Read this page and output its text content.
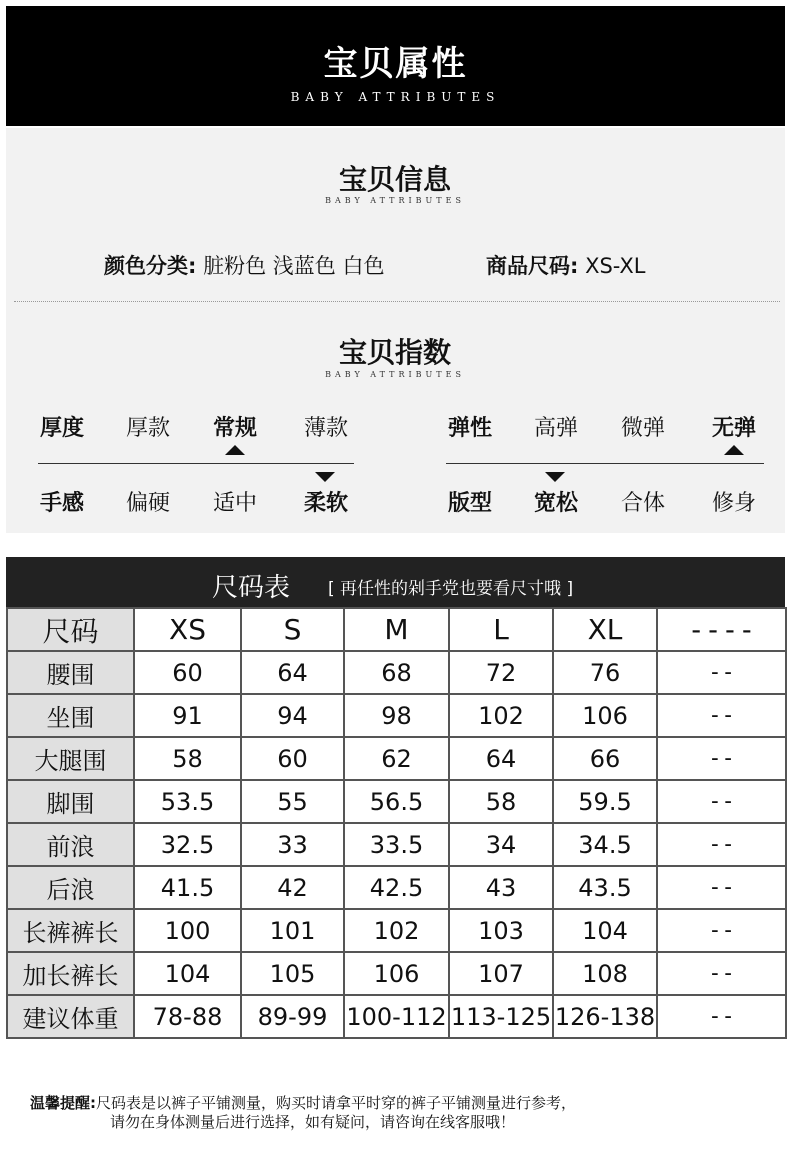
宝贝属性
BABY ATTRIBUTES
宝贝信息
BABY ATTRIBUTES
颜色分类: 脏粉色 浅蓝色 白色	商品尺码: XS-XL
宝贝指数
BABY ATTRIBUTES
厚度	厚款	常规	薄款	弹性	高弹	微弹	无弹
手感	偏硬	适中	柔软	版型	宽松	合体	修身
尺码表 [ 再任性的剁手党也要看尺寸哦 ]
尺码	XS	S	M	L	XL	----
腰围	60	64	68	72	76	--
坐围	91	94	98	102	106	--
大腿围	58	60	62	64	66	--
脚围	53.5	55	56.5	58	59.5	--
前浪	32.5	33	33.5	34	34.5	--
后浪	41.5	42	42.5	43	43.5	--
长裤裤长	100	101	102	103	104	--
加长裤长	104	105	106	107	108	--
建议体重	78-88	89-99	100-112	113-125	126-138	--
温馨提醒:尺码表是以裤子平铺测量，购买时请拿平时穿的裤子平铺测量进行参考，
请勿在身体测量后进行选择，如有疑问，请咨询在线客服哦！
